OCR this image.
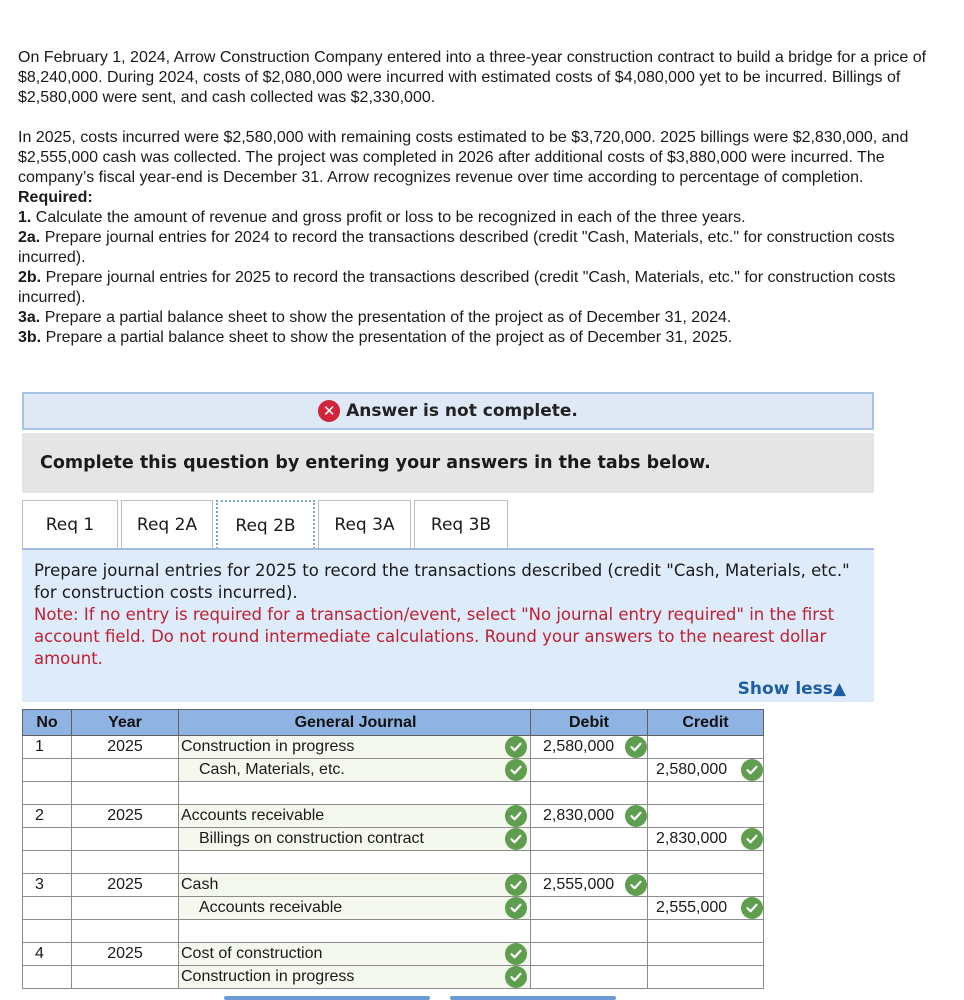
On February 1, 2024, Arrow Construction Company entered into a three-year construction contract to build a bridge for a price of $8,240,000. During 2024, costs of $2,080,000 were incurred with estimated costs of $4,080,000 yet to be incurred. Billings of $2,580,000 were sent, and cash collected was $2,330,000.

In 2025, costs incurred were $2,580,000 with remaining costs estimated to be $3,720,000. 2025 billings were $2,830,000, and $2,555,000 cash was collected. The project was completed in 2026 after additional costs of $3,880,000 were incurred. The company’s fiscal year-end is December 31. Arrow recognizes revenue over time according to percentage of completion.

Required:

1. Calculate the amount of revenue and gross profit or loss to be recognized in each of the three years.

2a. Prepare journal entries for 2024 to record the transactions described (credit "Cash, Materials, etc." for construction costs incurred).

2b. Prepare journal entries for 2025 to record the transactions described (credit "Cash, Materials, etc." for construction costs incurred).

3a. Prepare a partial balance sheet to show the presentation of the project as of December 31, 2024.

3b. Prepare a partial balance sheet to show the presentation of the project as of December 31, 2025.

✕ Answer is not complete.
Complete this question by entering your answers in the tabs below.
Req 1	Req 2A	Req 2B	Req 3A	Req 3B
Prepare journal entries for 2025 to record the transactions described (credit "Cash, Materials, etc." for construction costs incurred).
Note: If no entry is required for a transaction/event, select "No journal entry required" in the first account field. Do not round intermediate calculations. Round your answers to the nearest dollar amount.
Show less▲
No	Year	General Journal	Debit	Credit
1	2025	Construction in progress	2,580,000

		Cash, Materials, etc.		2,580,000

2	2025	Accounts receivable	2,830,000

		Billings on construction contract		2,830,000

3	2025	Cash	2,555,000

		Accounts receivable		2,555,000

4	2025	Cost of construction

		Construction in progress
